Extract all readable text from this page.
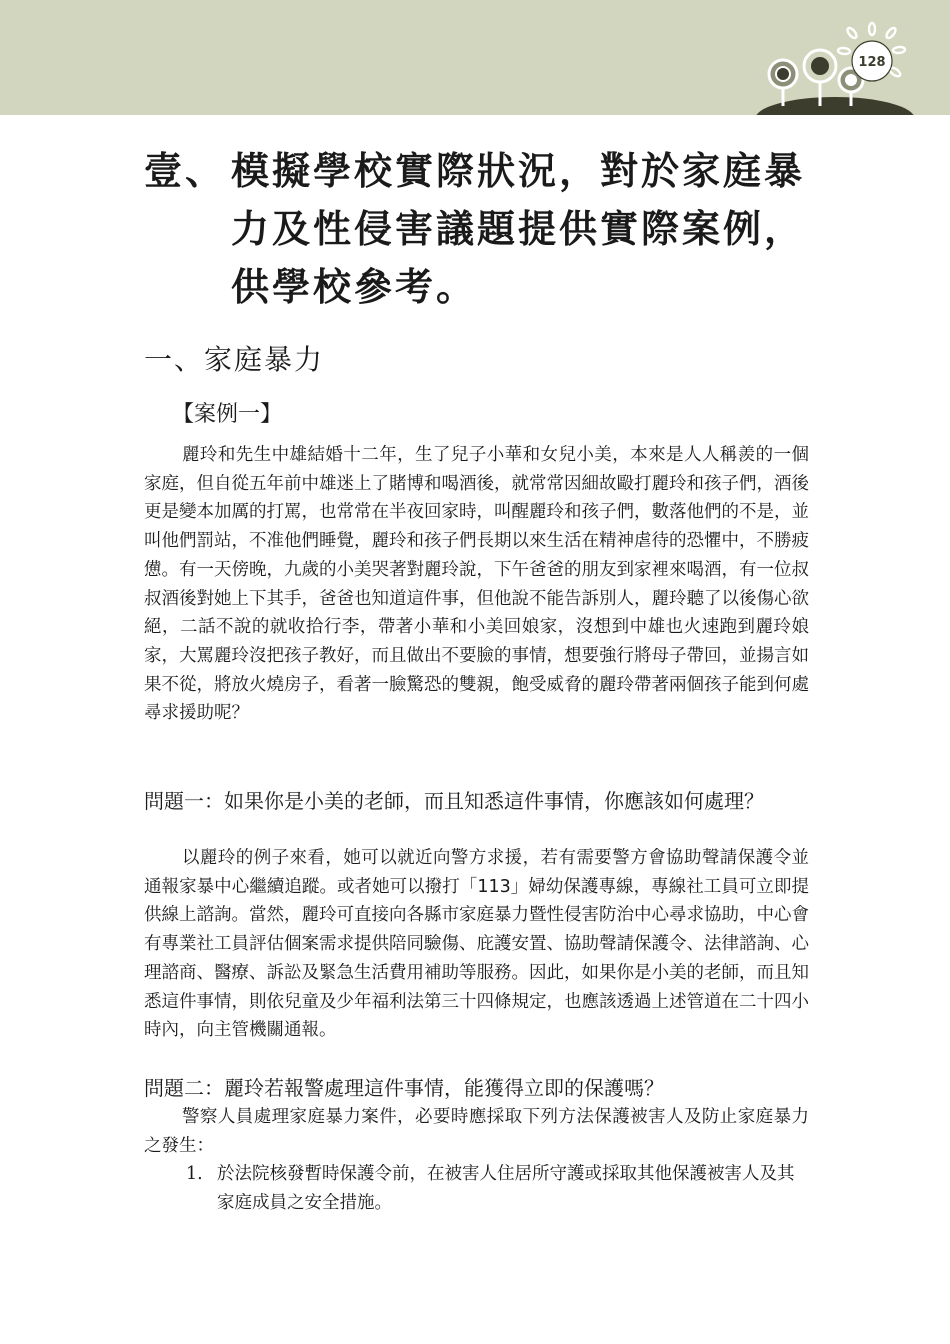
128
壹、 模擬學校實際狀況，對於家庭暴力及性侵害議題提供實際案例，供學校參考。
一、家庭暴力
【案例一】

麗玲和先生中雄結婚十二年，生了兒子小華和女兒小美，本來是人人稱羨的一個家庭，但自從五年前中雄迷上了賭博和喝酒後，就常常因細故毆打麗玲和孩子們，酒後更是變本加厲的打罵，也常常在半夜回家時，叫醒麗玲和孩子們，數落他們的不是，並叫他們罰站，不准他們睡覺，麗玲和孩子們長期以來生活在精神虐待的恐懼中，不勝疲憊。有一天傍晚，九歲的小美哭著對麗玲說，下午爸爸的朋友到家裡來喝酒，有一位叔叔酒後對她上下其手，爸爸也知道這件事，但他說不能告訴別人，麗玲聽了以後傷心欲絕，二話不說的就收拾行李，帶著小華和小美回娘家，沒想到中雄也火速跑到麗玲娘家，大罵麗玲沒把孩子教好，而且做出不要臉的事情，想要強行將母子帶回，並揚言如果不從，將放火燒房子，看著一臉驚恐的雙親，飽受威脅的麗玲帶著兩個孩子能到何處尋求援助呢？

問題一：如果你是小美的老師，而且知悉這件事情，你應該如何處理？

以麗玲的例子來看，她可以就近向警方求援，若有需要警方會協助聲請保護令並通報家暴中心繼續追蹤。或者她可以撥打「113」婦幼保護專線，專線社工員可立即提供線上諮詢。當然，麗玲可直接向各縣市家庭暴力暨性侵害防治中心尋求協助，中心會有專業社工員評估個案需求提供陪同驗傷、庇護安置、協助聲請保護令、法律諮詢、心理諮商、醫療、訴訟及緊急生活費用補助等服務。因此，如果你是小美的老師，而且知悉這件事情，則依兒童及少年福利法第三十四條規定，也應該透過上述管道在二十四小時內，向主管機關通報。

問題二：麗玲若報警處理這件事情，能獲得立即的保護嗎？

警察人員處理家庭暴力案件，必要時應採取下列方法保護被害人及防止家庭暴力之發生：

1. 於法院核發暫時保護令前，在被害人住居所守護或採取其他保護被害人及其家庭成員之安全措施。
